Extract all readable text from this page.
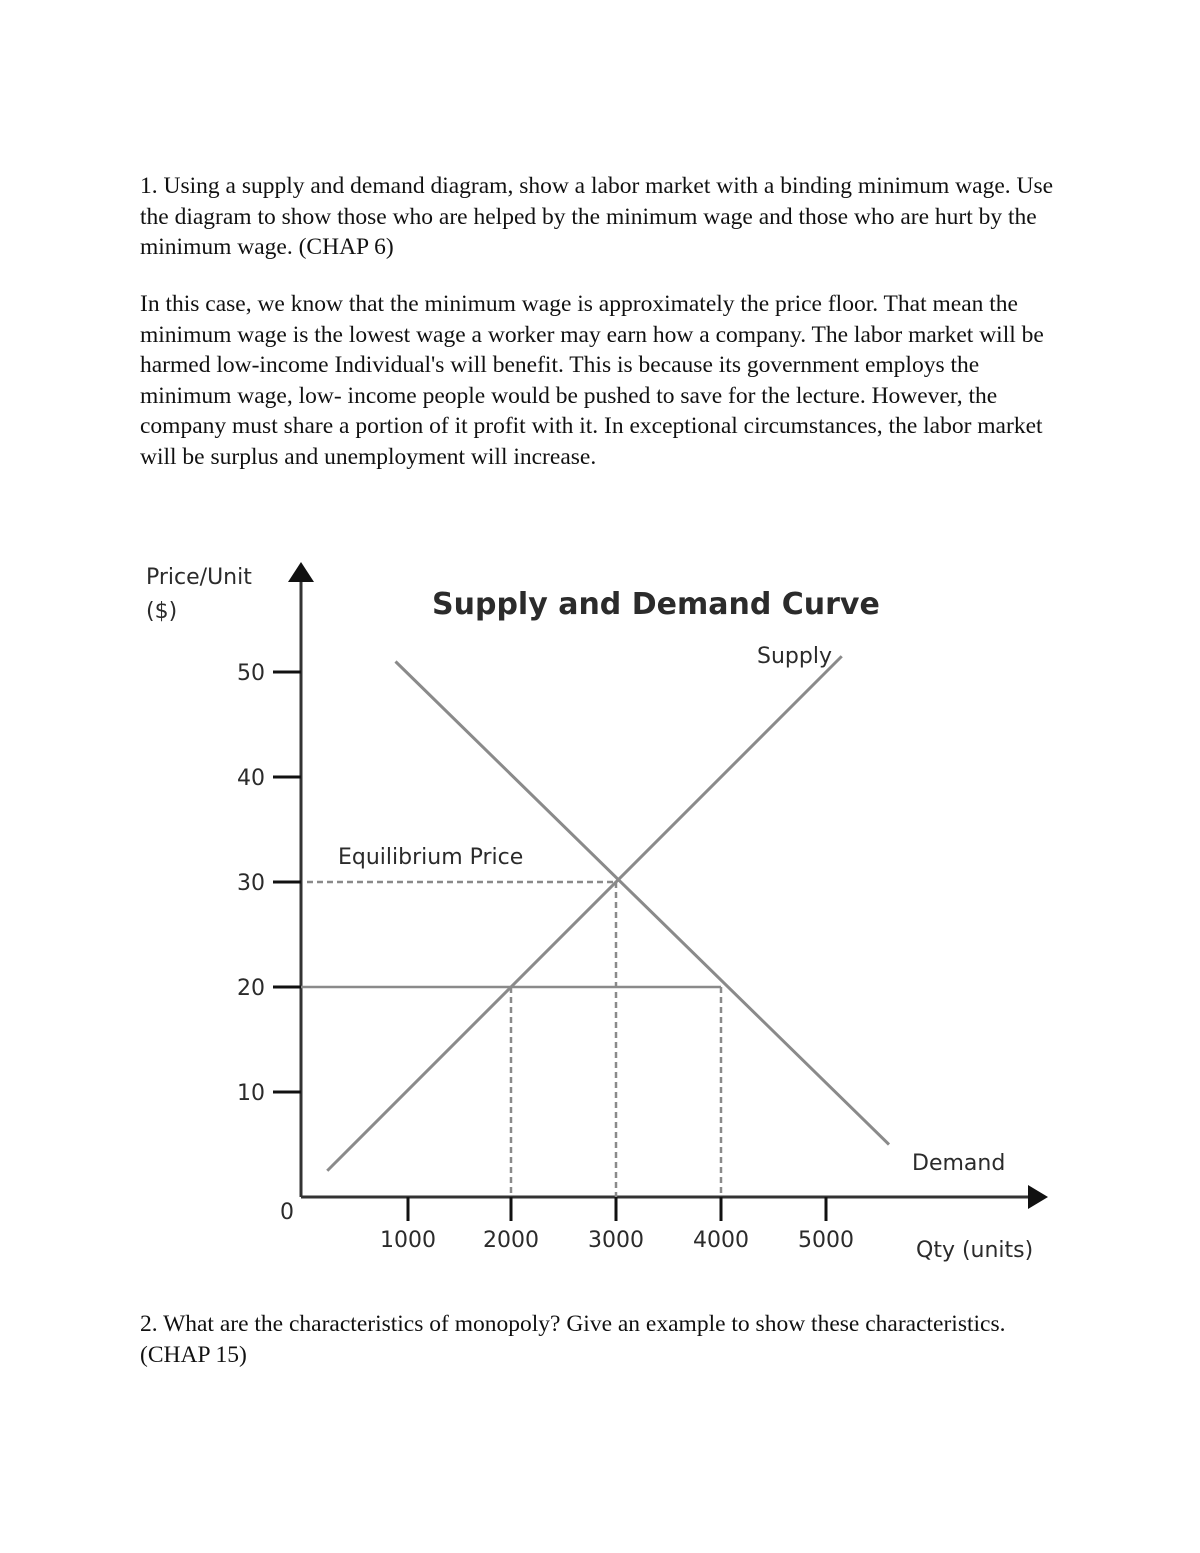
1. Using a supply and demand diagram, show a labor market with a binding minimum wage. Use the diagram to show those who are helped by the minimum wage and those who are hurt by the minimum wage. (CHAP 6)

In this case, we know that the minimum wage is approximately the price floor. That mean the minimum wage is the lowest wage a worker may earn how a company. The labor market will be harmed low-income Individual's will benefit. This is because its government employs the minimum wage, low- income people would be pushed to save for the lecture. However, the company must share a portion of it profit with it. In exceptional circumstances, the labor market will be surplus and unemployment will increase.

10
20
30
40
50
1000 2000 3000 4000 5000
0
Price/Unit
($)
Qty (units)
Supply and Demand Curve
Equilibrium Price
Supply
Demand

2. What are the characteristics of monopoly? Give an example to show these characteristics. (CHAP 15)
